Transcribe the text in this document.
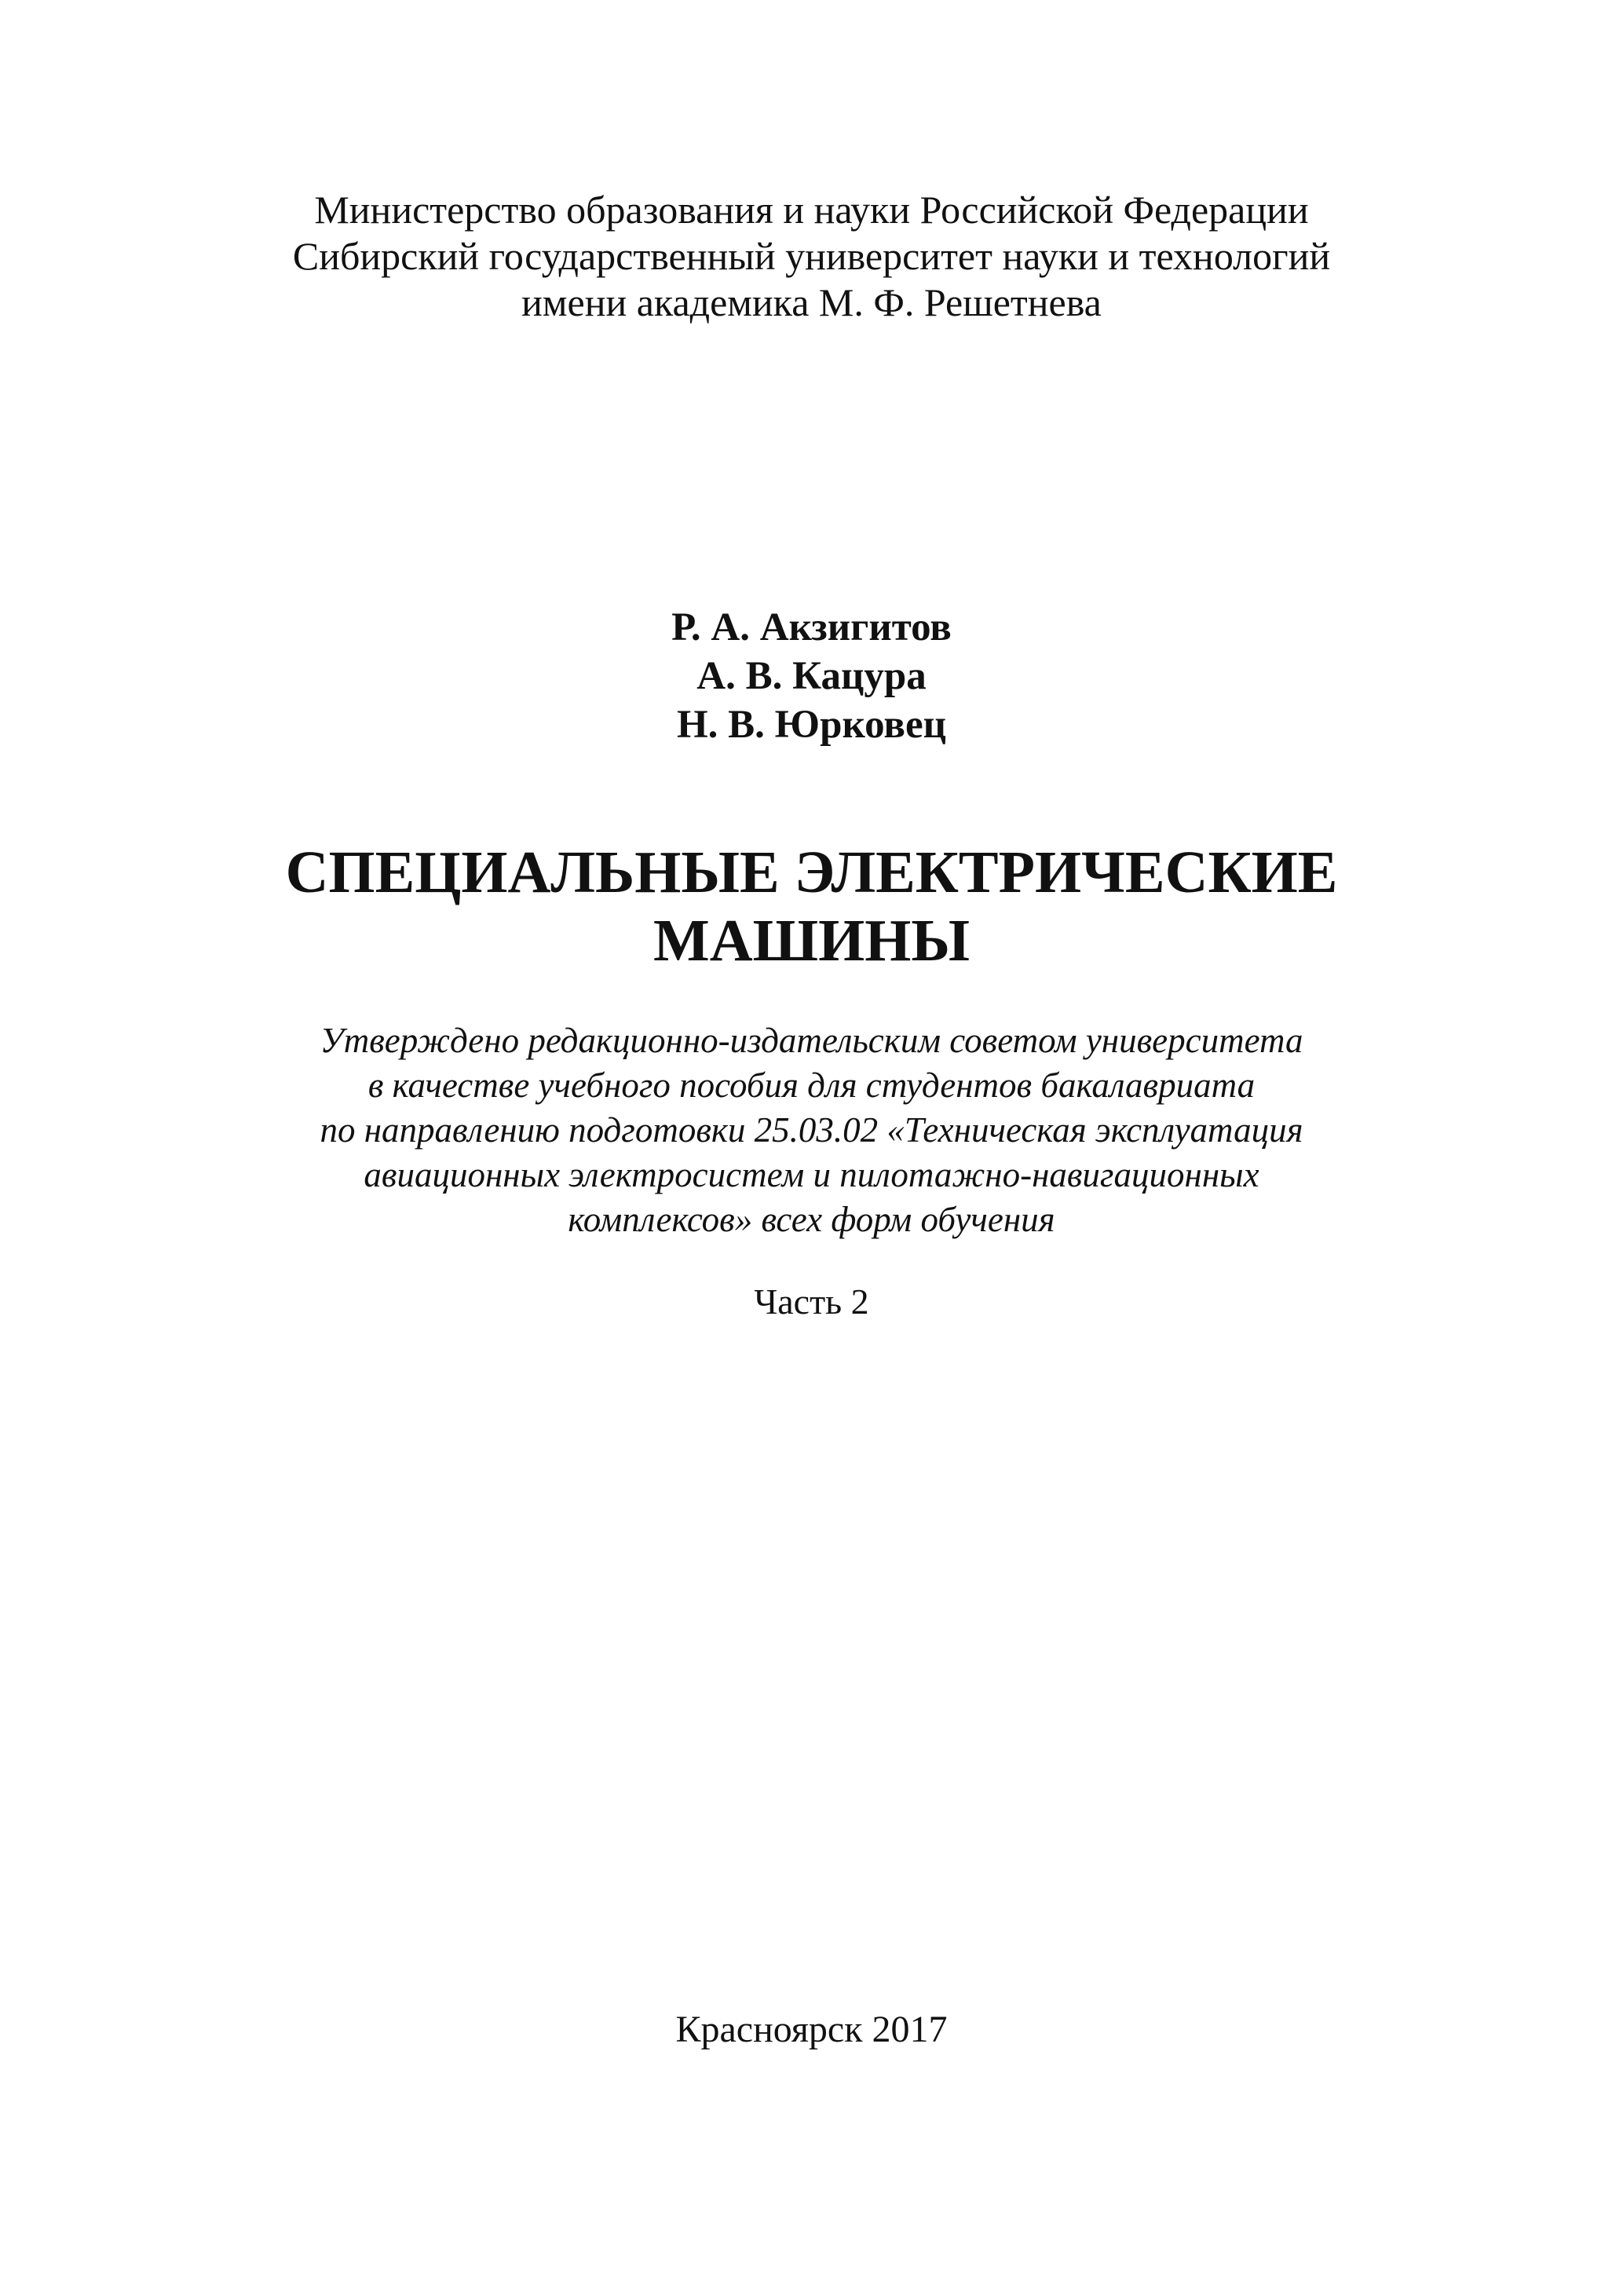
Министерство образования и науки Российской Федерации
Сибирский государственный университет науки и технологий
имени академика М. Ф. Решетнева
Р. А. Акзигитов
А. В. Кацура
Н. В. Юрковец
СПЕЦИАЛЬНЫЕ ЭЛЕКТРИЧЕСКИЕ
МАШИНЫ
Утверждено редакционно-издательским советом университета
в качестве учебного пособия для студентов бакалавриата
по направлению подготовки 25.03.02 «Техническая эксплуатация
авиационных электросистем и пилотажно-навигационных
комплексов» всех форм обучения
Часть 2
Красноярск 2017
